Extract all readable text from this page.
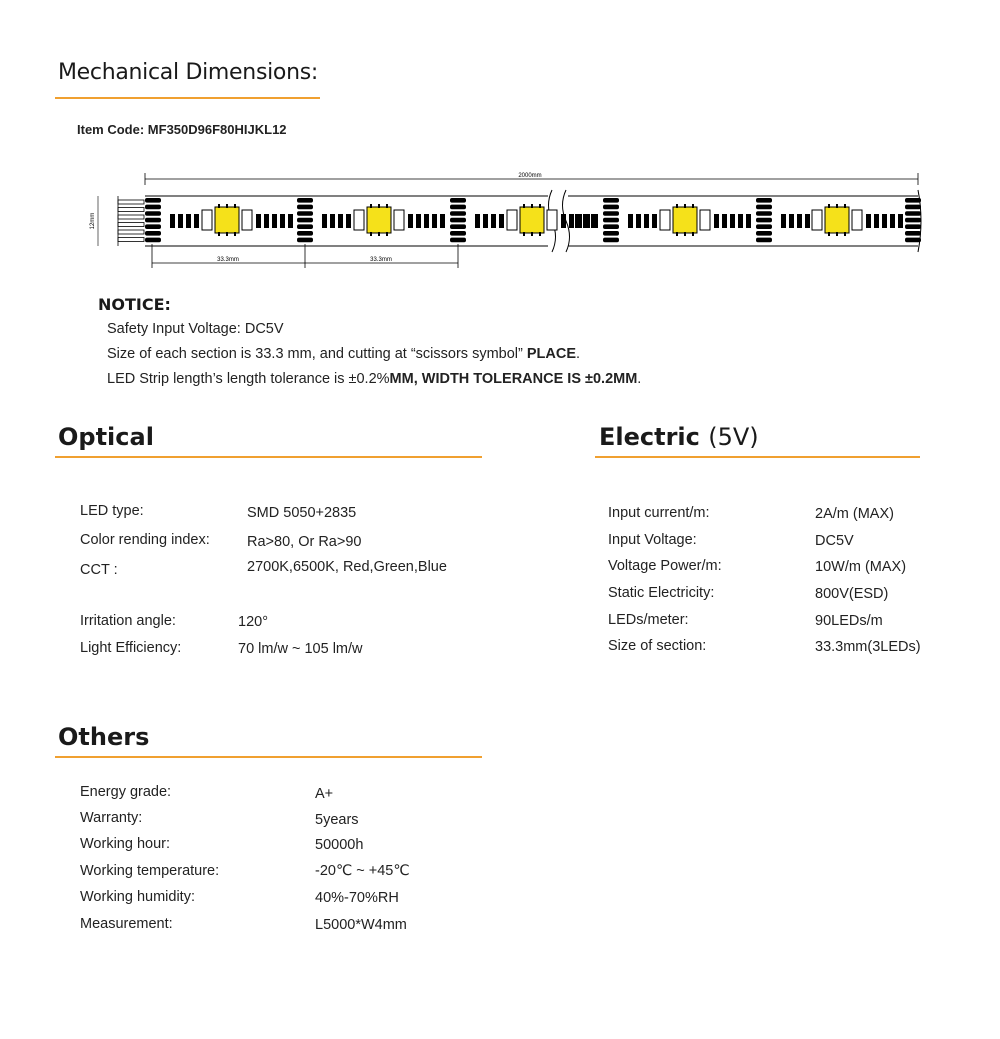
Mechanical Dimensions:
Item Code: MF350D96F80HIJKL12
2000mm
12mm
33.3mm	33.3mm
NOTICE:
Safety Input Voltage: DC5V
Size of each section is 33.3 mm, and cutting at “scissors symbol” PLACE.
LED Strip length’s length tolerance is ±0.2%MM, WIDTH TOLERANCE IS ±0.2MM.
Optical
LED type:	SMD 5050+2835
Color rending index:	Ra>80, Or Ra>90
CCT :	2700K,6500K, Red,Green,Blue
Irritation angle:	120°
Light Efficiency:	70 lm/w ~ 105 lm/w
Electric (5V)
Input current/m:	2A/m (MAX)
Input Voltage:	DC5V
Voltage Power/m:	10W/m (MAX)
Static Electricity:	800V(ESD)
LEDs/meter:	90LEDs/m
Size of section:	33.3mm(3LEDs)
Others
Energy grade:	A+
Warranty:	5years
Working hour:	50000h
Working temperature:	-20℃ ~ +45℃
Working humidity:	40%-70%RH
Measurement:	L5000*W4mm
